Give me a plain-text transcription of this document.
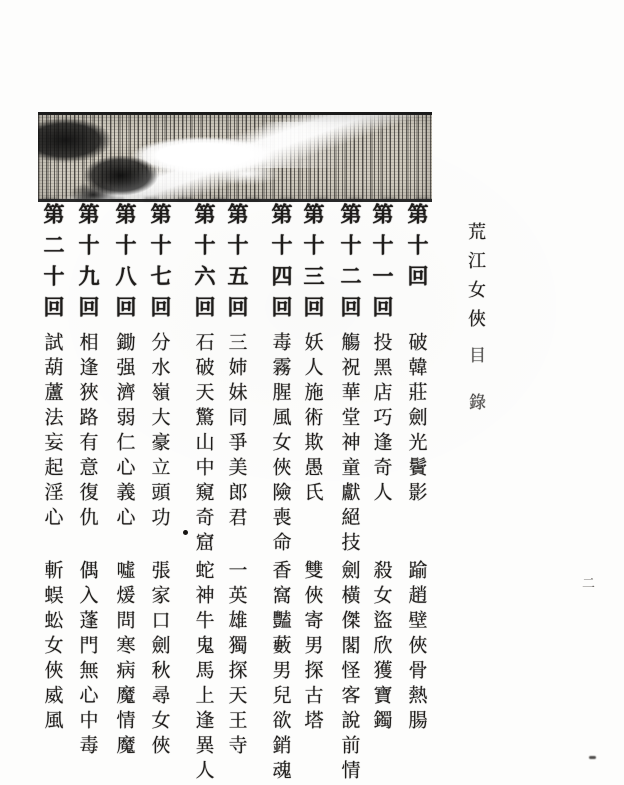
荒江女俠
目錄
第十回
破韓莊劍光鬢影
踰趙壁俠骨熱腸
第十一回
投黑店巧逢奇人
殺女盜欣獲寶鐲
第十二回
觴祝華堂神童獻絕技
劍橫傑閣怪客說前情
第十三回
妖人施術欺愚氏
雙俠寄男探古塔
第十四回
毒霧腥風女俠險喪命
香窩豔藪男兒欲銷魂
第十五回
三姉妹同爭美郎君
一英雄獨探天王寺
第十六回
石破天驚山中窺奇窟
蛇神牛鬼馬上逢異人
第十七回
分水嶺大豪立頭功
張家口劍秋尋女俠
第十八回
鋤强濟弱仁心義心
噓煖問寒病魔情魔
第十九回
相逢狹路有意復仇
偶入蓬門無心中毒
第二十回
試葫蘆法妄起淫心
斬蜈蚣女俠威風	二
